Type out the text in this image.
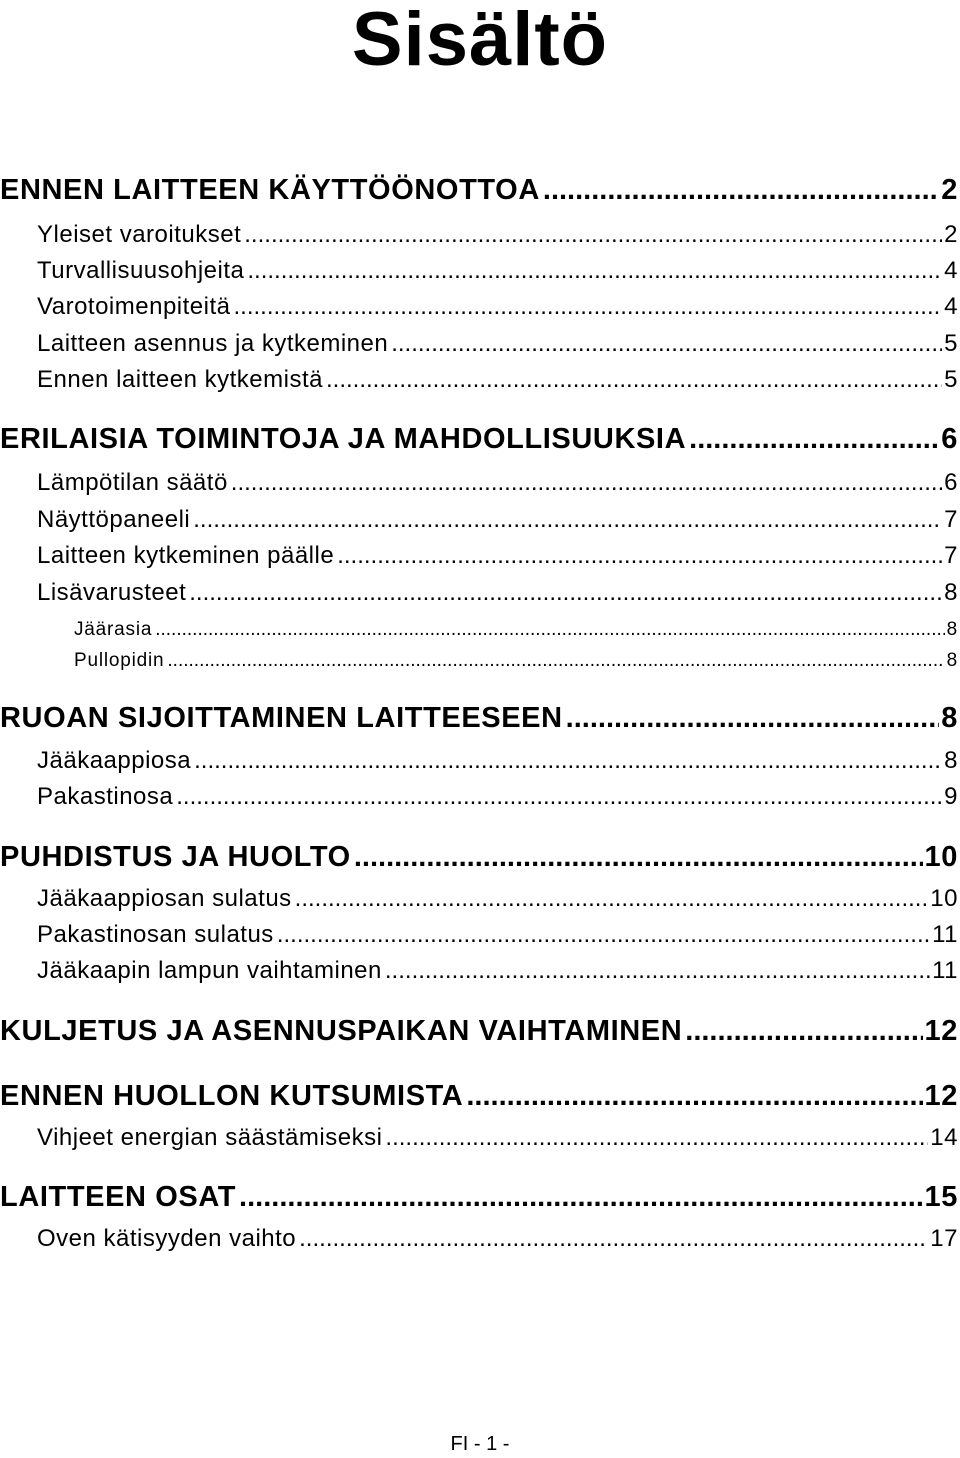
Sisältö
ENNEN LAITTEEN KÄYTTÖÖNOTTOA .....	2
Yleiset varoitukset .....	2
Turvallisuusohjeita .....	4
Varotoimenpiteitä .....	4
Laitteen asennus ja kytkeminen .....	5
Ennen laitteen kytkemistä .....	5
ERILAISIA TOIMINTOJA JA MAHDOLLISUUKSIA .....	6
Lämpötilan säätö .....	6
Näyttöpaneeli .....	7
Laitteen kytkeminen päälle .....	7
Lisävarusteet .....	8
Jäärasia .....	8
Pullopidin .....	8
RUOAN SIJOITTAMINEN LAITTEESEEN .....	8
Jääkaappiosa .....	8
Pakastinosa .....	9
PUHDISTUS JA HUOLTO .....	10
Jääkaappiosan sulatus .....	10
Pakastinosan sulatus .....	11
Jääkaapin lampun vaihtaminen .....	11
KULJETUS JA ASENNUSPAIKAN VAIHTAMINEN .....	12
ENNEN HUOLLON KUTSUMISTA .....	12
Vihjeet energian säästämiseksi .....	14
LAITTEEN OSAT .....	15
Oven kätisyyden vaihto .....	17
FI - 1 -
